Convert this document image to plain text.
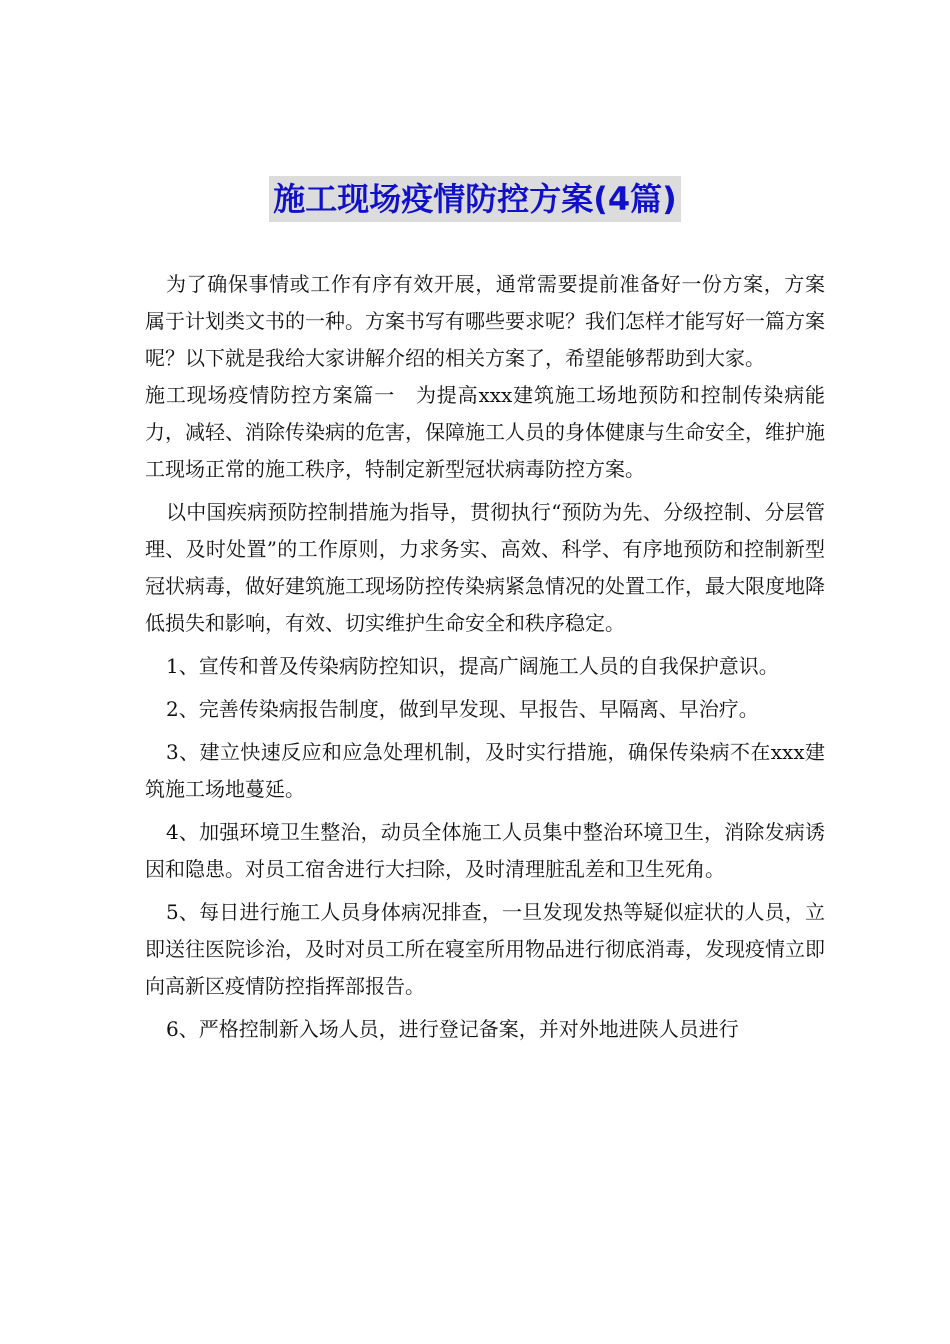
施工现场疫情防控方案(4篇)

为了确保事情或工作有序有效开展，通常需要提前准备好一份方案，方案属于计划类文书的一种。方案书写有哪些要求呢？我们怎样才能写好一篇方案呢？以下就是我给大家讲解介绍的相关方案了，希望能够帮助到大家。

施工现场疫情防控方案篇一　为提高xxx建筑施工场地预防和控制传染病能力，减轻、消除传染病的危害，保障施工人员的身体健康与生命安全，维护施工现场正常的施工秩序，特制定新型冠状病毒防控方案。

以中国疾病预防控制措施为指导，贯彻执行“预防为先、分级控制、分层管理、及时处置”的工作原则，力求务实、高效、科学、有序地预防和控制新型冠状病毒，做好建筑施工现场防控传染病紧急情况的处置工作，最大限度地降低损失和影响，有效、切实维护生命安全和秩序稳定。

1、宣传和普及传染病防控知识，提高广阔施工人员的自我保护意识。

2、完善传染病报告制度，做到早发现、早报告、早隔离、早治疗。

3、建立快速反应和应急处理机制，及时实行措施，确保传染病不在xxx建筑施工场地蔓延。

4、加强环境卫生整治，动员全体施工人员集中整治环境卫生，消除发病诱因和隐患。对员工宿舍进行大扫除，及时清理脏乱差和卫生死角。

5、每日进行施工人员身体病况排查，一旦发现发热等疑似症状的人员，立即送往医院诊治，及时对员工所在寝室所用物品进行彻底消毒，发现疫情立即向高新区疫情防控指挥部报告。

6、严格控制新入场人员，进行登记备案，并对外地进陕人员进行
